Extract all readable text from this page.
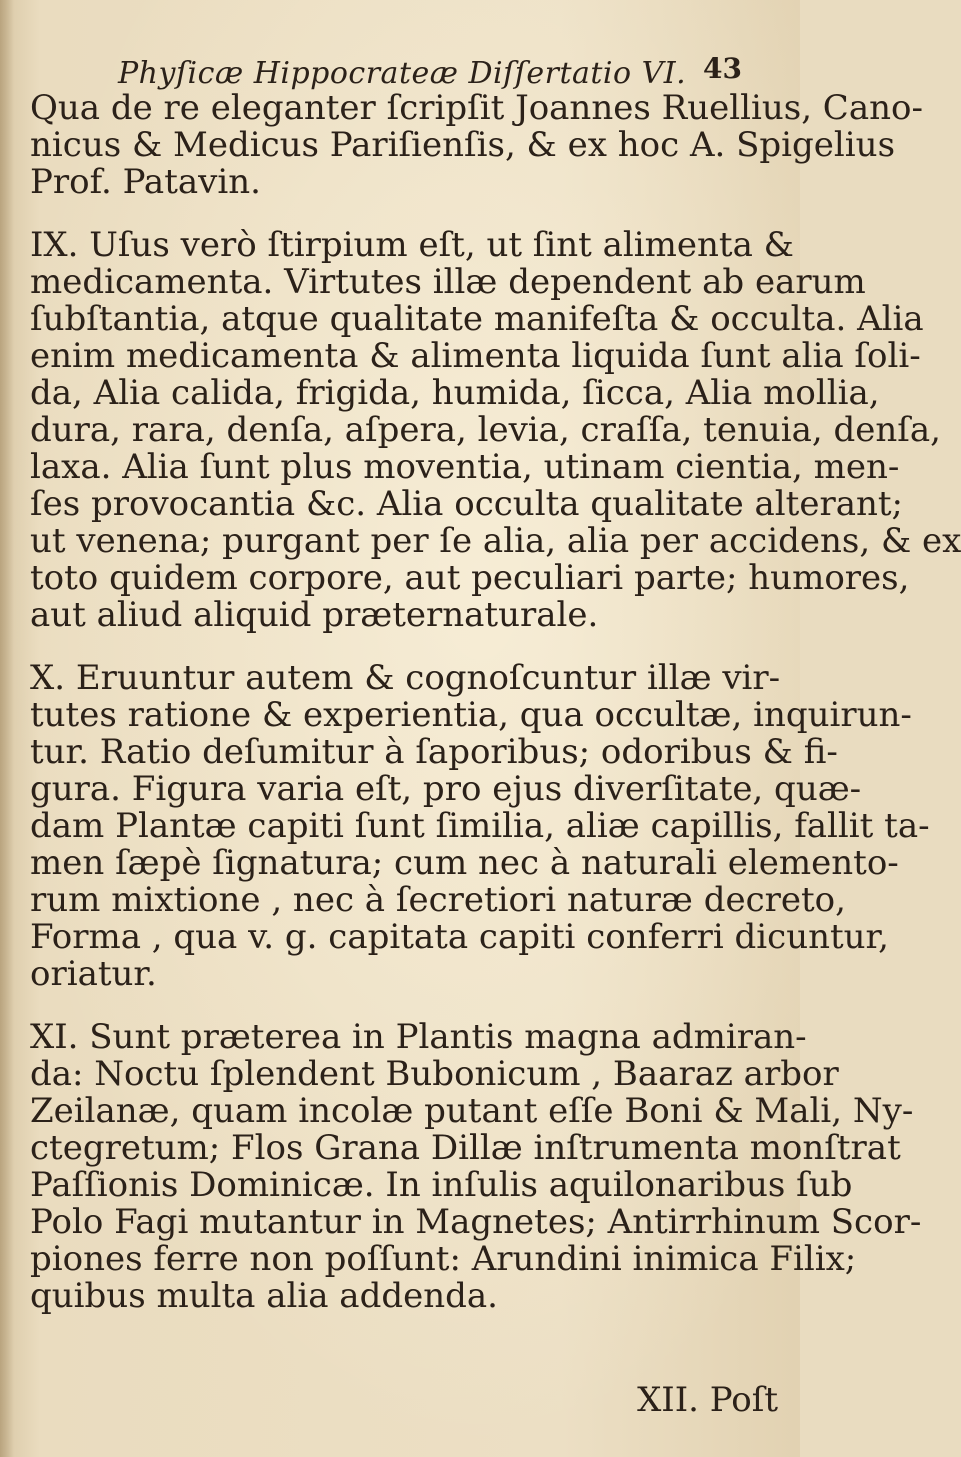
Phyſicæ Hippocrateæ Diſſertatio VI. 43
Qua de re eleganter ſcripſit Joannes Ruellius, Cano-
nicus & Medicus Pariſienſis, & ex hoc A. Spigelius
Prof. Patavin.
IX. Uſus verò ſtirpium eſt, ut ſint alimenta &
medicamenta. Virtutes illæ dependent ab earum
ſubſtantia, atque qualitate manifeſta & occulta. Alia
enim medicamenta & alimenta liquida ſunt alia ſoli-
da, Alia calida, frigida, humida, ſicca, Alia mollia,
dura, rara, denſa, aſpera, levia, craſſa, tenuia, denſa,
laxa. Alia ſunt plus moventia, utinam cientia, men-
ſes provocantia &c. Alia occulta qualitate alterant;
ut venena; purgant per ſe alia, alia per accidens, & ex
toto quidem corpore, aut peculiari parte; humores,
aut aliud aliquid præternaturale.
X. Eruuntur autem & cognoſcuntur illæ vir-
tutes ratione & experientia, qua occultæ, inquirun-
tur. Ratio deſumitur à ſaporibus; odoribus & fi-
gura. Figura varia eſt, pro ejus diverſitate, quæ-
dam Plantæ capiti ſunt ſimilia, aliæ capillis, fallit ta-
men ſæpè ſignatura; cum nec à naturali elemento-
rum mixtione , nec à ſecretiori naturæ decreto,
Forma , qua v. g. capitata capiti conferri dicuntur,
oriatur.
XI. Sunt præterea in Plantis magna admiran-
da: Noctu ſplendent Bubonicum , Baaraz arbor
Zeilanæ, quam incolæ putant eſſe Boni & Mali, Ny-
ctegretum; Flos Grana Dillæ inſtrumenta monſtrat
Paſſionis Dominicæ. In inſulis aquilonaribus ſub
Polo Fagi mutantur in Magnetes; Antirrhinum Scor-
piones ferre non poſſunt: Arundini inimica Filix;
quibus multa alia addenda.
XII. Poſt
